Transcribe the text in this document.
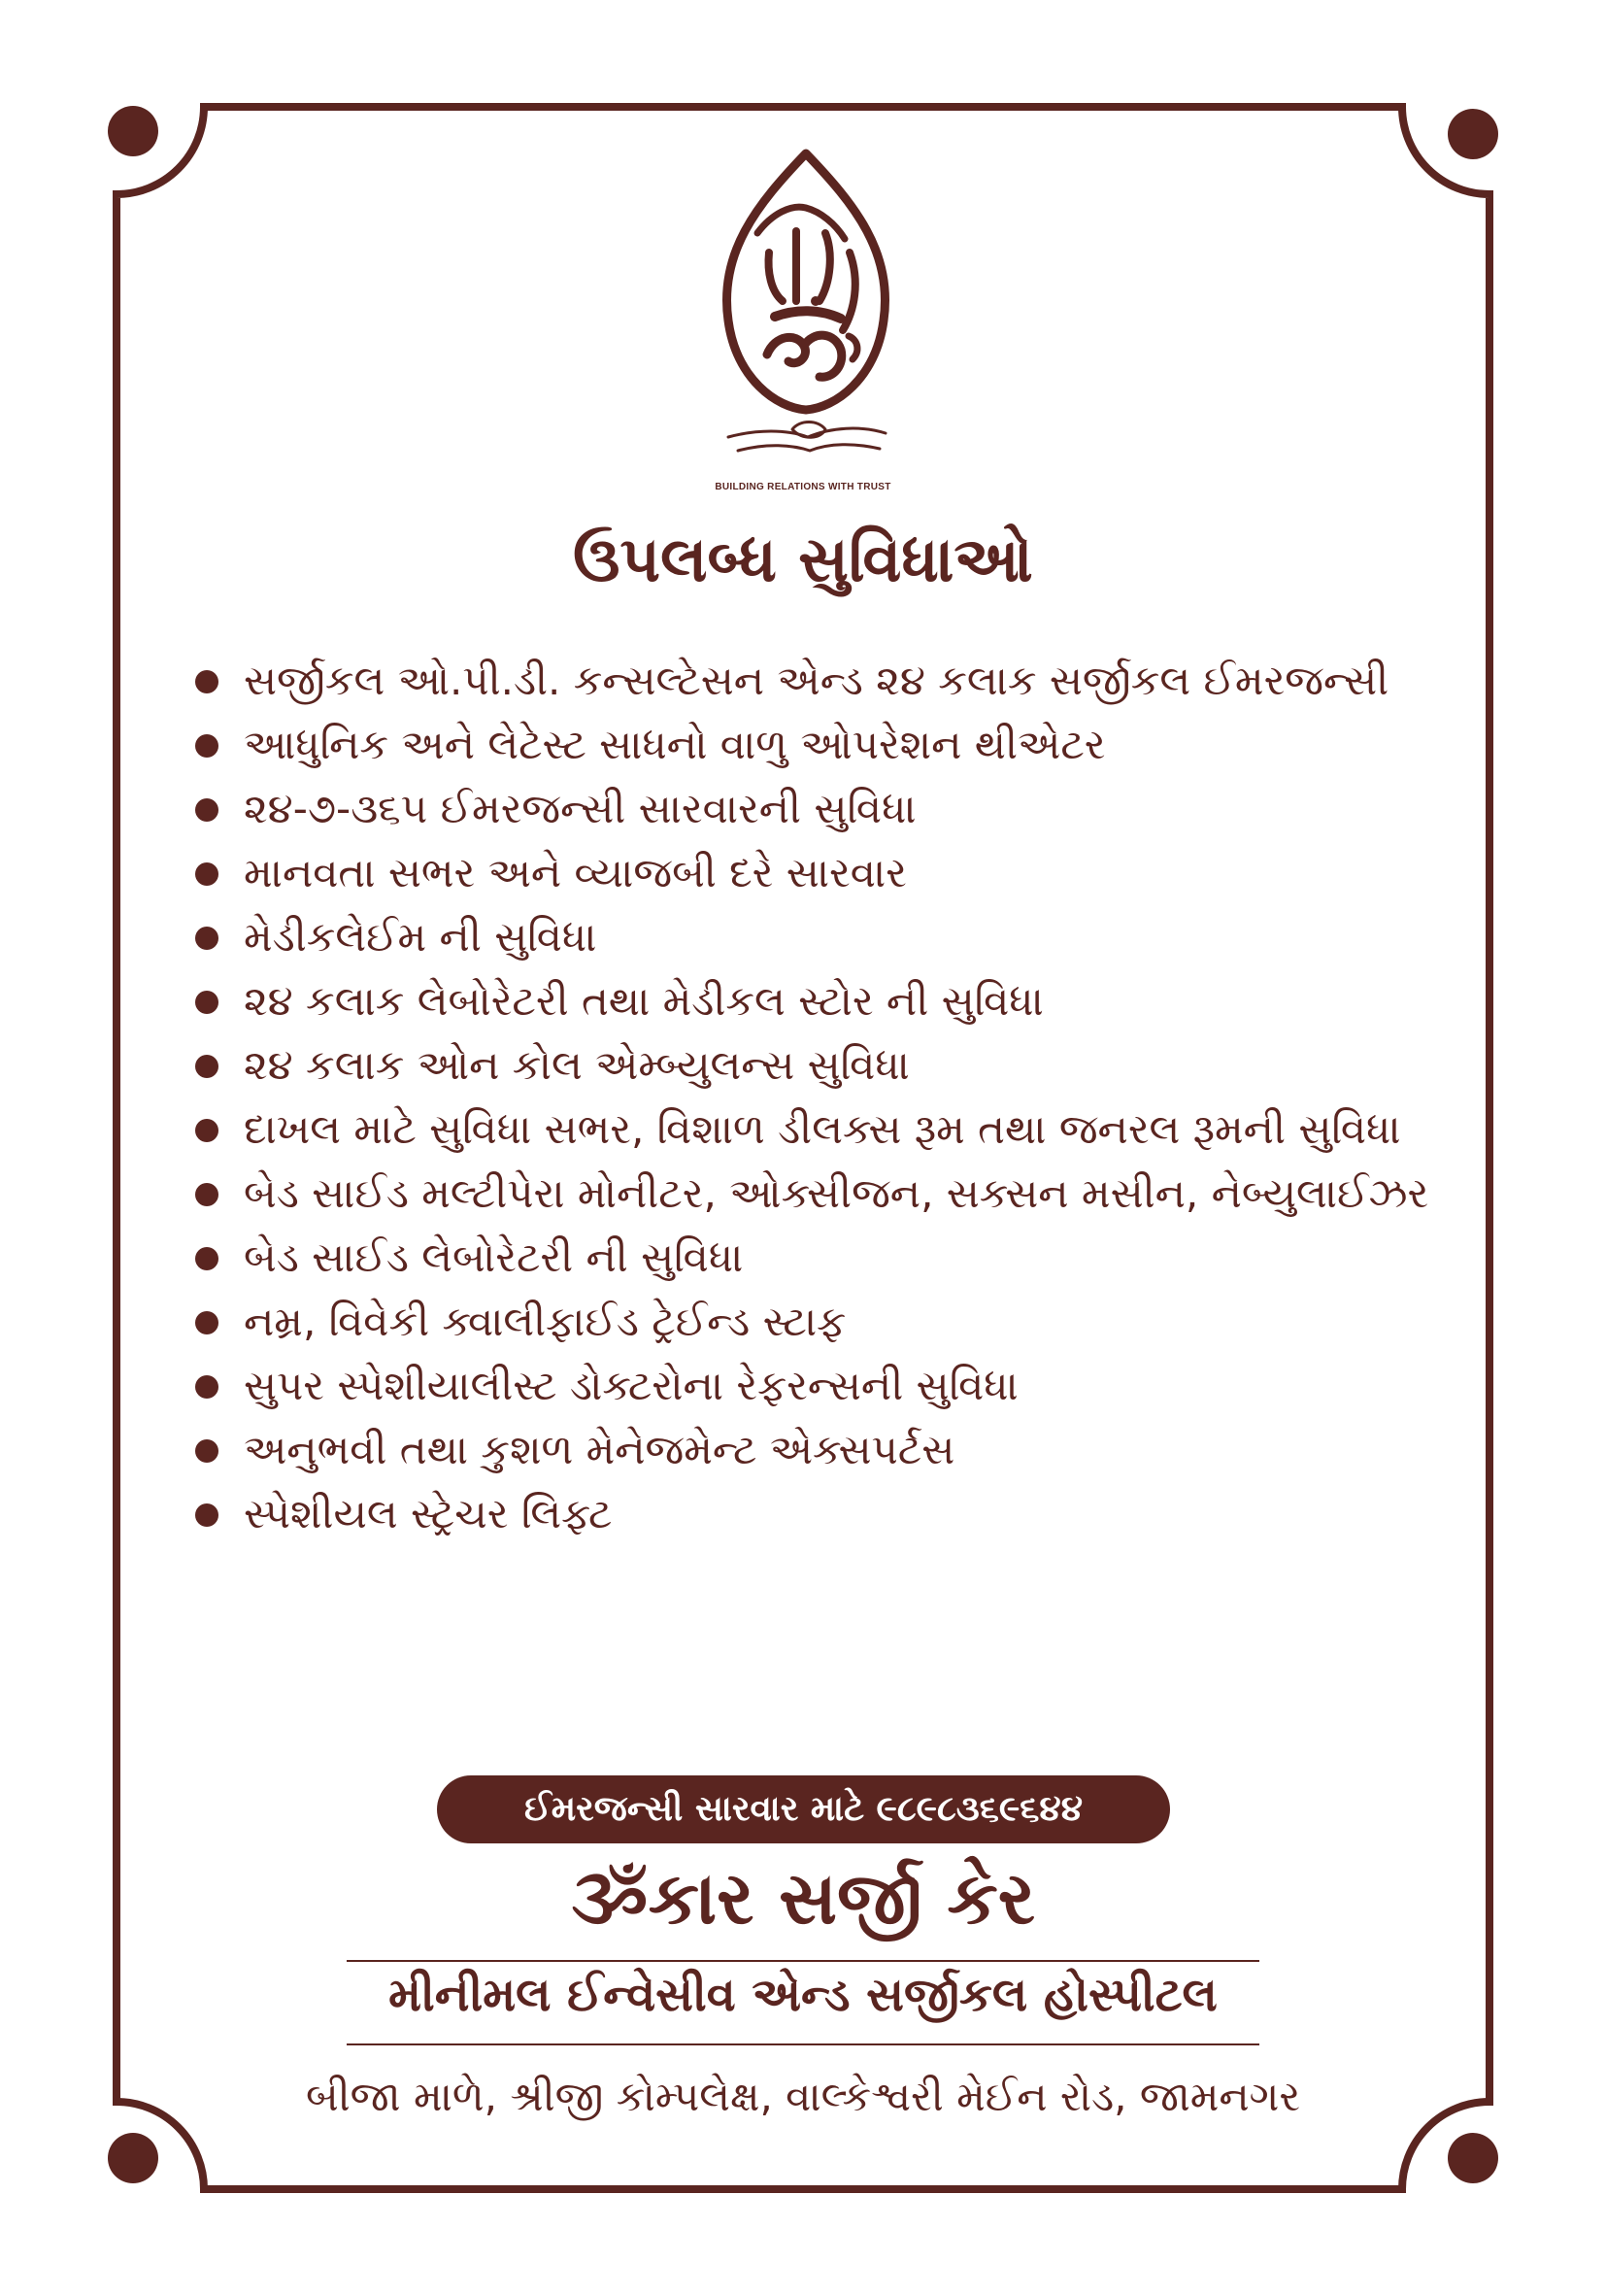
BUILDING RELATIONS WITH TRUST
ઉપલબ્ધ સુવિધાઓ
સર્જીકલ ઓ.પી.ડી. કન્સલ્ટેસન એન્ડ ૨૪ કલાક સર્જીકલ ઈમરજન્સી
આધુનિક અને લેટેસ્ટ સાધનો વાળુ ઓપરેશન થીએટર
૨૪-૭-૩૬૫ ઈમરજન્સી સારવારની સુવિધા
માનવતા સભર અને વ્યાજબી દરે સારવાર
મેડીકલેઈમ ની સુવિધા
૨૪ કલાક લેબોરેટરી તથા મેડીકલ સ્ટોર ની સુવિધા
૨૪ કલાક ઓન કોલ એમ્બ્યુલન્સ સુવિધા
દાખલ માટે સુવિધા સભર, વિશાળ ડીલક્સ રૂમ તથા જનરલ રૂમની સુવિધા
બેડ સાઈડ મલ્ટીપેરા મોનીટર, ઓક્સીજન, સક્સન મસીન, નેબ્યુલાઈઝર
બેડ સાઈડ લેબોરેટરી ની સુવિધા
નમ્ર, વિવેકી ક્વાલીફાઈડ ટ્રેઈન્ડ સ્ટાફ
સુપર સ્પેશીયાલીસ્ટ ડોક્ટરોના રેફરન્સની સુવિધા
અનુભવી તથા કુશળ મેનેજમેન્ટ એક્સપર્ટસ
સ્પેશીયલ સ્ટ્રેચર લિફ્ટ
ઈમરજન્સી સારવાર માટે ૯૮૯૮૩૬૯૬૪૪
ૐકાર સર્જી કેર
મીનીમલ ઈન્વેસીવ એન્ડ સર્જીકલ હોસ્પીટલ
બીજા માળે, શ્રીજી કોમ્પલેક્ષ, વાલ્કેશ્વરી મેઈન રોડ, જામનગર
